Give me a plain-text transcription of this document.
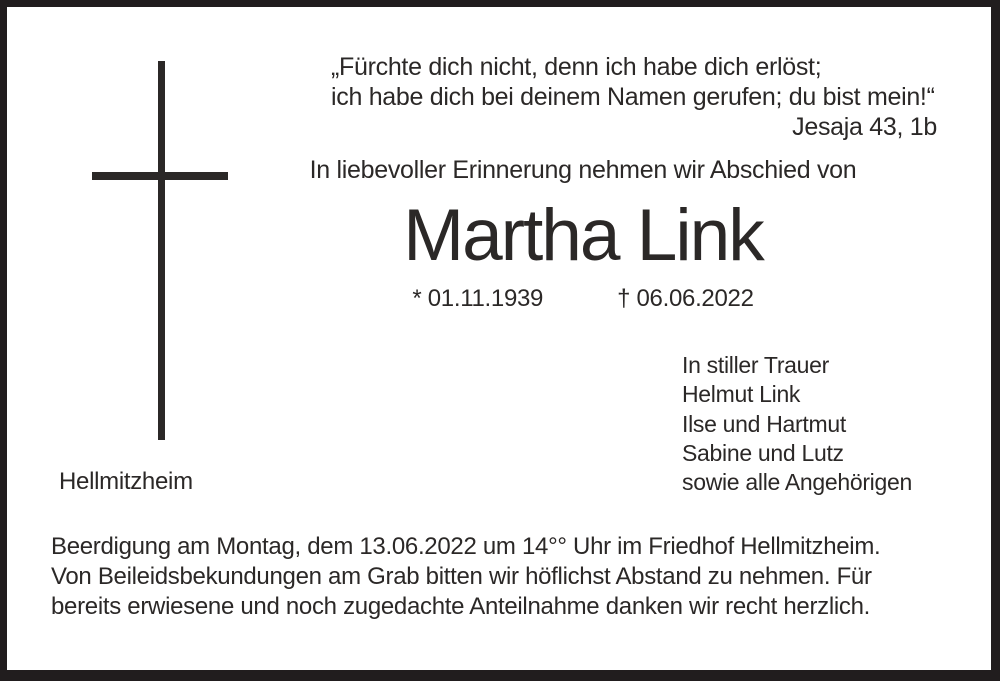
„Fürchte dich nicht, denn ich habe dich erlöst;
ich habe dich bei deinem Namen gerufen; du bist mein!“
Jesaja 43, 1b
In liebevoller Erinnerung nehmen wir Abschied von
Martha Link
* 01.11.1939	† 06.06.2022
In stiller Trauer
Helmut Link
Ilse und Hartmut
Sabine und Lutz
sowie alle Angehörigen
Hellmitzheim
Beerdigung am Montag, dem 13.06.2022 um 14°° Uhr im Friedhof Hellmitzheim.
Von Beileidsbekundungen am Grab bitten wir höflichst Abstand zu nehmen. Für
bereits erwiesene und noch zugedachte Anteilnahme danken wir recht herzlich.
